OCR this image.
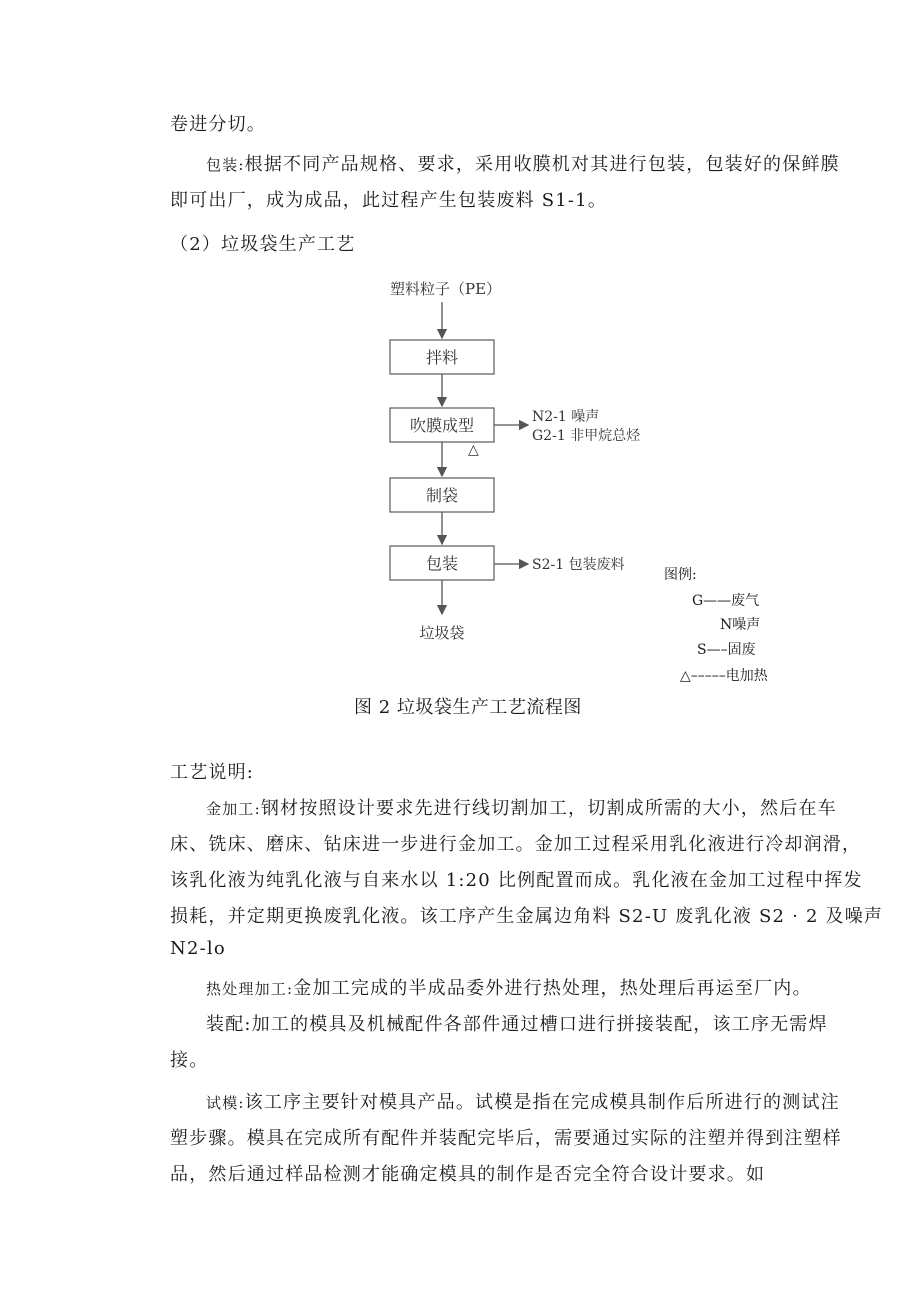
卷进分切。
包装:根据不同产品规格、要求，采用收膜机对其进行包装，包装好的保鲜膜
即可出厂，成为成品，此过程产生包装废料 S1-1。
（2）垃圾袋生产工艺
塑料粒子（PE）
拌料
吹膜成型
△
N2-1 噪声
G2-1 非甲烷总烃
制袋
包装	S2-1 包装废料
垃圾袋
图例:
G——废气
N噪声
S—–固废
△–––––电加热
图 2 垃圾袋生产工艺流程图
工艺说明:
金加工:钢材按照设计要求先进行线切割加工，切割成所需的大小，然后在车
床、铣床、磨床、钻床进一步进行金加工。金加工过程采用乳化液进行冷却润滑，
该乳化液为纯乳化液与自来水以 1:20 比例配置而成。乳化液在金加工过程中挥发
损耗，并定期更换废乳化液。该工序产生金属边角料 S2-U 废乳化液 S2 · 2 及噪声
N2-lo
热处理加工:金加工完成的半成品委外进行热处理，热处理后再运至厂内。
装配:加工的模具及机械配件各部件通过槽口进行拼接装配，该工序无需焊
接。
试模:该工序主要针对模具产品。试模是指在完成模具制作后所进行的测试注
塑步骤。模具在完成所有配件并装配完毕后，需要通过实际的注塑并得到注塑样
品，然后通过样品检测才能确定模具的制作是否完全符合设计要求。如
